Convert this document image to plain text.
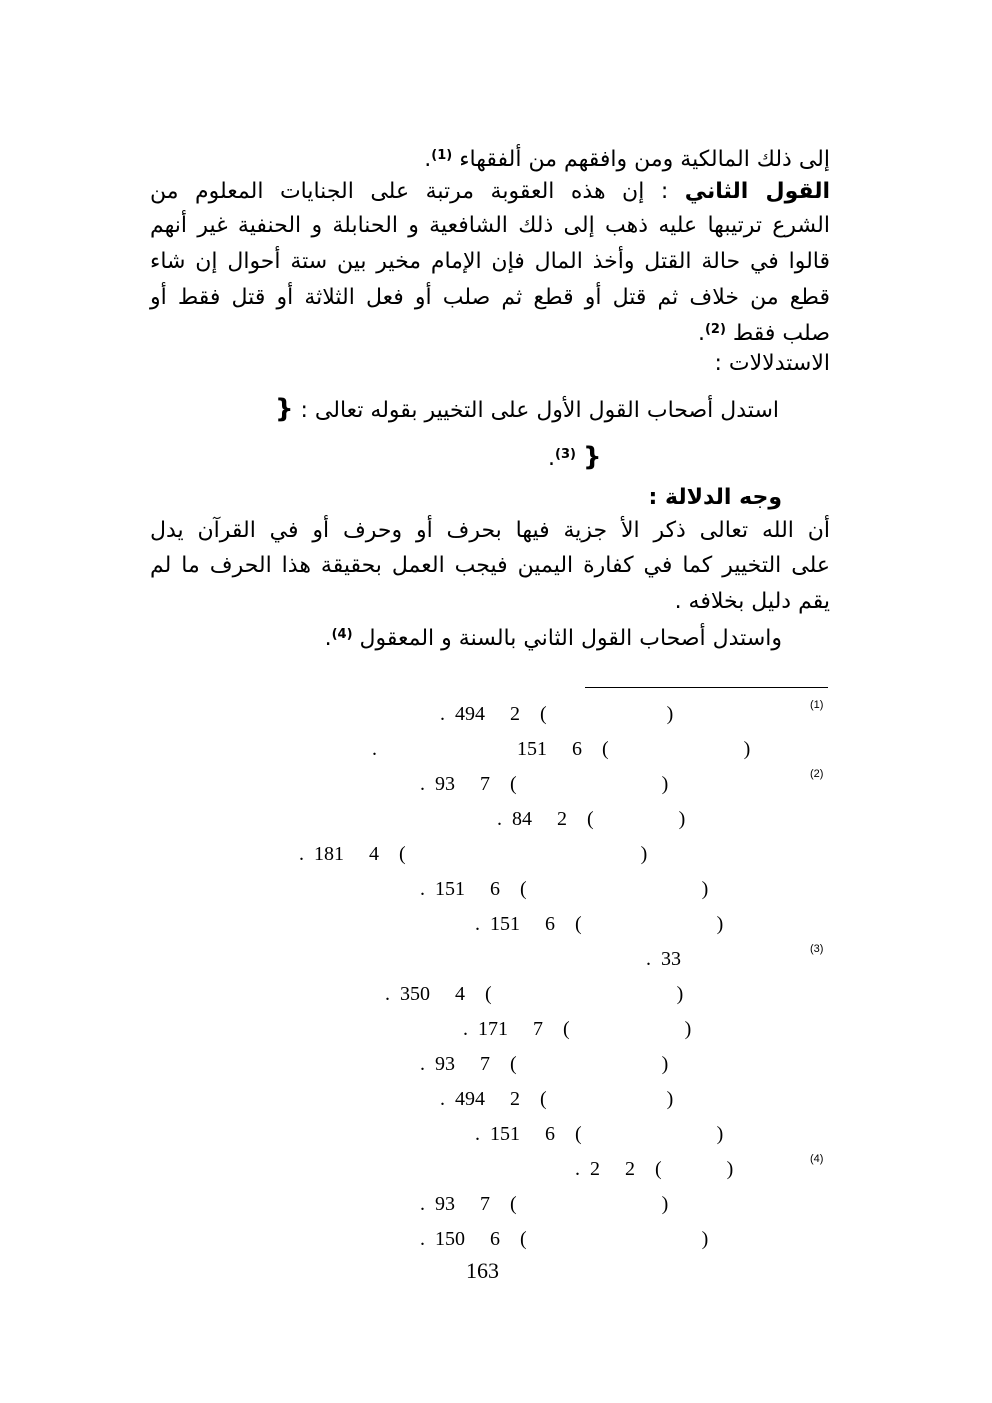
إلى ذلك المالكية ومن وافقهم من ألفقهاء $^{(1)}$.
القول الثاني : إن هذه العقوبة مرتبة على الجنايات المعلوم من
الشرع ترتيبها عليه ذهب إلى ذلك الشافعية و الحنابلة و الحنفية غير أنهم
قالوا في حالة القتل وأخذ المال فإن الإمام مخير بين ستة أحوال إن شاء
قطع من خلاف ثم قتل أو قطع ثم صلب أو فعل الثلاثة أو قتل فقط أو
صلب فقط $^{(2)}$.
الاستدلالات :
استدل أصحاب القول الأول على التخيير بقوله تعالى : {
.$^{(3)}$ }
وجه الدلالة :
أن الله تعالى ذكر الأ جزية فيها بحرف أو وحرف أو في القرآن يدل
على التخيير كما في كفارة اليمين فيجب العمل بحقيقة هذا الحرف ما لم
يقم دليل بخلافه .
واستدل أصحاب القول الثاني بالسنة و المعقول $^{(4)}$.
(1)
(2)
(3)
(4)
.  494     2    (                        )
.                            151     6    (                           )
.  93     7    (                             )
.  84     2    (                 )
.  181     4    (                                               )
.  151     6    (                                   )
.  151     6    (                           )
.  33
.  350     4    (                                     )
.  171     7    (                       )
.  93     7    (                             )
.  494     2    (                        )
.  151     6    (                           )
.  2     2    (             )
.  93     7    (                             )
.  150     6    (                                   )
163
